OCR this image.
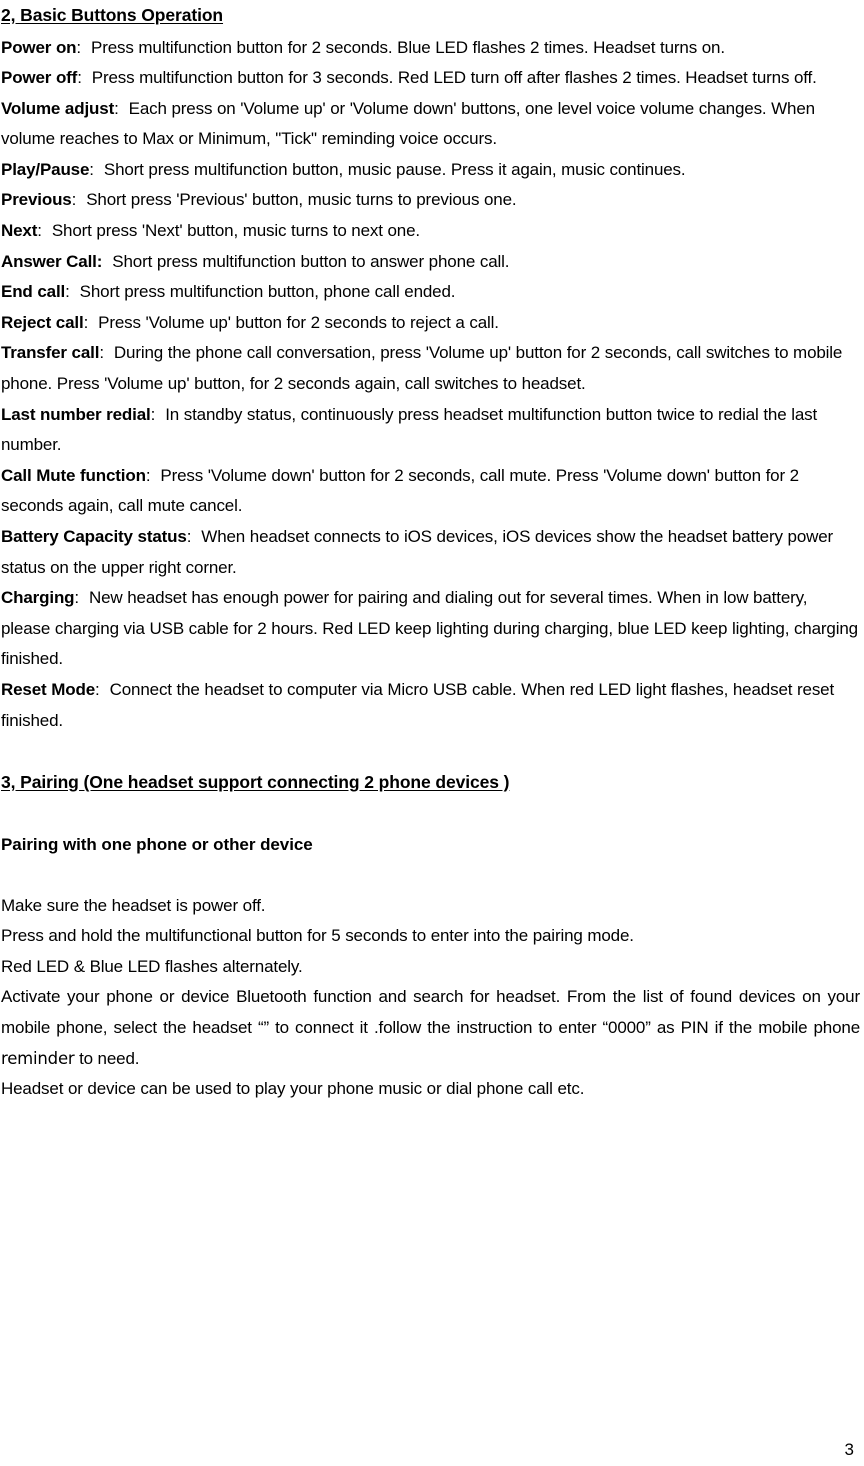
2, Basic Buttons Operation

Power on: Press multifunction button for 2 seconds. Blue LED flashes 2 times. Headset turns on.

Power off: Press multifunction button for 3 seconds. Red LED turn off after flashes 2 times. Headset turns off.

Volume adjust: Each press on 'Volume up' or 'Volume down' buttons, one level voice volume changes. When volume reaches to Max or Minimum, "Tick" reminding voice occurs.

Play/Pause: Short press multifunction button, music pause. Press it again, music continues.

Previous: Short press 'Previous' button, music turns to previous one.

Next: Short press 'Next' button, music turns to next one.

Answer Call: Short press multifunction button to answer phone call.

End call: Short press multifunction button, phone call ended.

Reject call: Press 'Volume up' button for 2 seconds to reject a call.

Transfer call: During the phone call conversation, press 'Volume up' button for 2 seconds, call switches to mobile phone. Press 'Volume up' button, for 2 seconds again, call switches to headset.

Last number redial: In standby status, continuously press headset multifunction button twice to redial the last number.

Call Mute function: Press 'Volume down' button for 2 seconds, call mute. Press 'Volume down' button for 2 seconds again, call mute cancel.

Battery Capacity status: When headset connects to iOS devices, iOS devices show the headset battery power status on the upper right corner.

Charging: New headset has enough power for pairing and dialing out for several times. When in low battery, please charging via USB cable for 2 hours. Red LED keep lighting during charging, blue LED keep lighting, charging finished.

Reset Mode: Connect the headset to computer via Micro USB cable. When red LED light flashes, headset reset finished.

3, Pairing (One headset support connecting 2 phone devices )

Pairing with one phone or other device

Make sure the headset is power off.

Press and hold the multifunctional button for 5 seconds to enter into the pairing mode.

Red LED & Blue LED flashes alternately.

Activate your phone or device Bluetooth function and search for headset. From the list of found devices on your mobile phone, select the headset “” to connect it .follow the instruction to enter “0000” as PIN if the mobile phone reminder to need.

Headset or device can be used to play your phone music or dial phone call etc.

3
